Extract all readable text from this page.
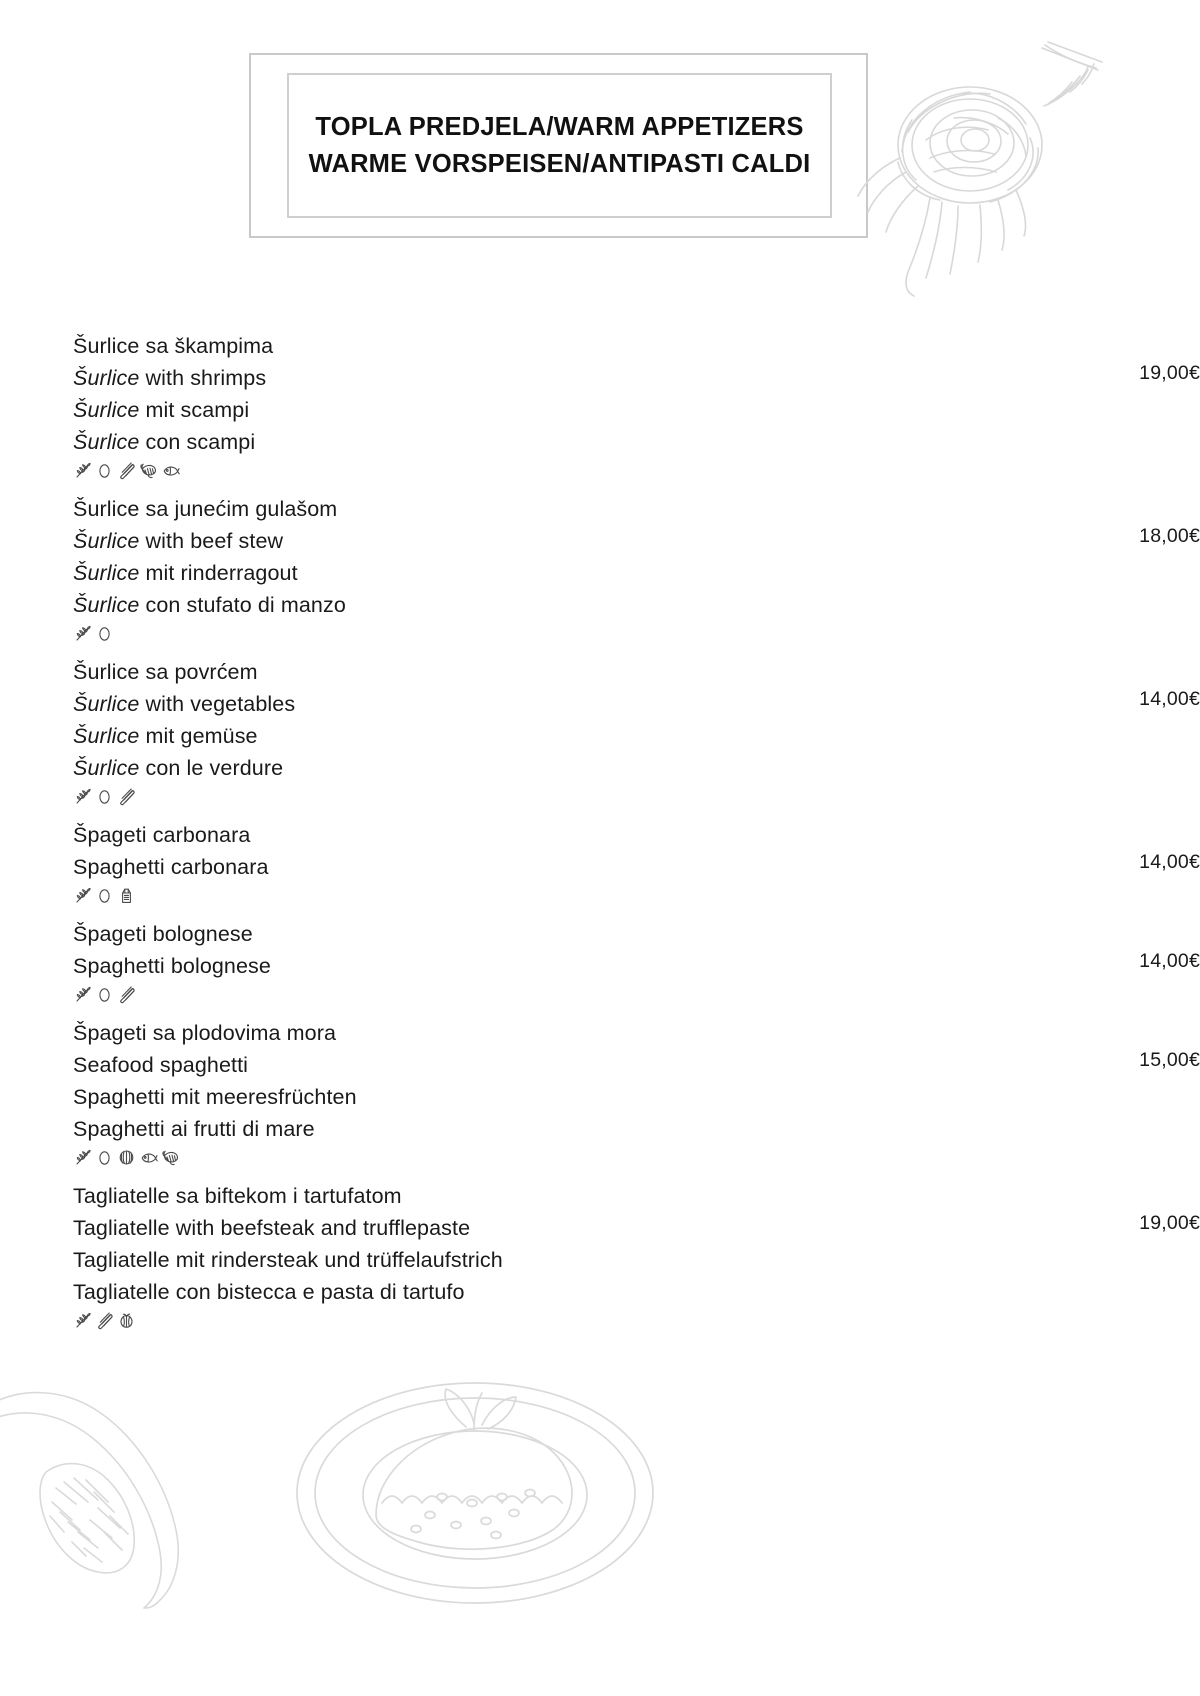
TOPLA PREDJELA/WARM APPETIZERS
WARME VORSPEISEN/ANTIPASTI CALDI
Šurlice sa škampima
Šurlice with shrimps
Šurlice mit scampi
Šurlice con scampi
19,00€
Šurlice sa junećim gulašom
Šurlice with beef stew
Šurlice mit rinderragout
Šurlice con stufato di manzo
18,00€
Šurlice sa povrćem
Šurlice with vegetables
Šurlice mit gemüse
Šurlice con le verdure
14,00€
Špageti carbonara
Spaghetti carbonara	14,00€
Špageti bolognese
Spaghetti bolognese	14,00€
Špageti sa plodovima mora
Seafood spaghetti
Spaghetti mit meeresfrüchten
Spaghetti ai frutti di mare
15,00€
Tagliatelle sa biftekom i tartufatom
Tagliatelle with beefsteak and trufflepaste
Tagliatelle mit rindersteak und trüffelaufstrich
Tagliatelle con bistecca e pasta di tartufo
19,00€
